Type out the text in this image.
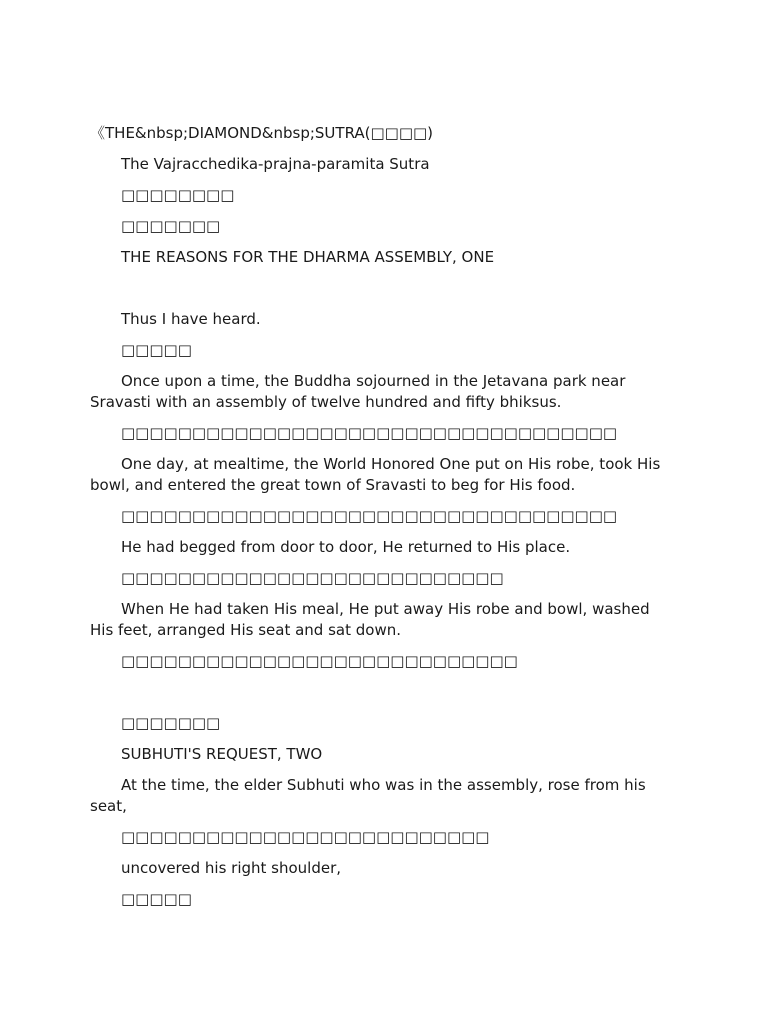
《THE&nbsp;DIAMOND&nbsp;SUTRA(□□□□)

The Vajracchedika-prajna-paramita Sutra

□□□□□□□□

□□□□□□□

THE REASONS FOR THE DHARMA ASSEMBLY, ONE

Thus I have heard.

□□□□□

Once upon a time, the Buddha sojourned in the Jetavana park near Sravasti with an assembly of twelve hundred and fifty bhiksus.

□□□□□□□□□□□□□□□□□□□□□□□□□□□□□□□□□□□

One day, at mealtime, the World Honored One put on His robe, took His bowl, and entered the great town of Sravasti to beg for His food.

□□□□□□□□□□□□□□□□□□□□□□□□□□□□□□□□□□□

He had begged from door to door, He returned to His place.

□□□□□□□□□□□□□□□□□□□□□□□□□□□

When He had taken His meal, He put away His robe and bowl, washed His feet, arranged His seat and sat down.

□□□□□□□□□□□□□□□□□□□□□□□□□□□□

□□□□□□□

SUBHUTI'S REQUEST, TWO

At the time, the elder Subhuti who was in the assembly, rose from his seat,

□□□□□□□□□□□□□□□□□□□□□□□□□□

uncovered his right shoulder,

□□□□□
